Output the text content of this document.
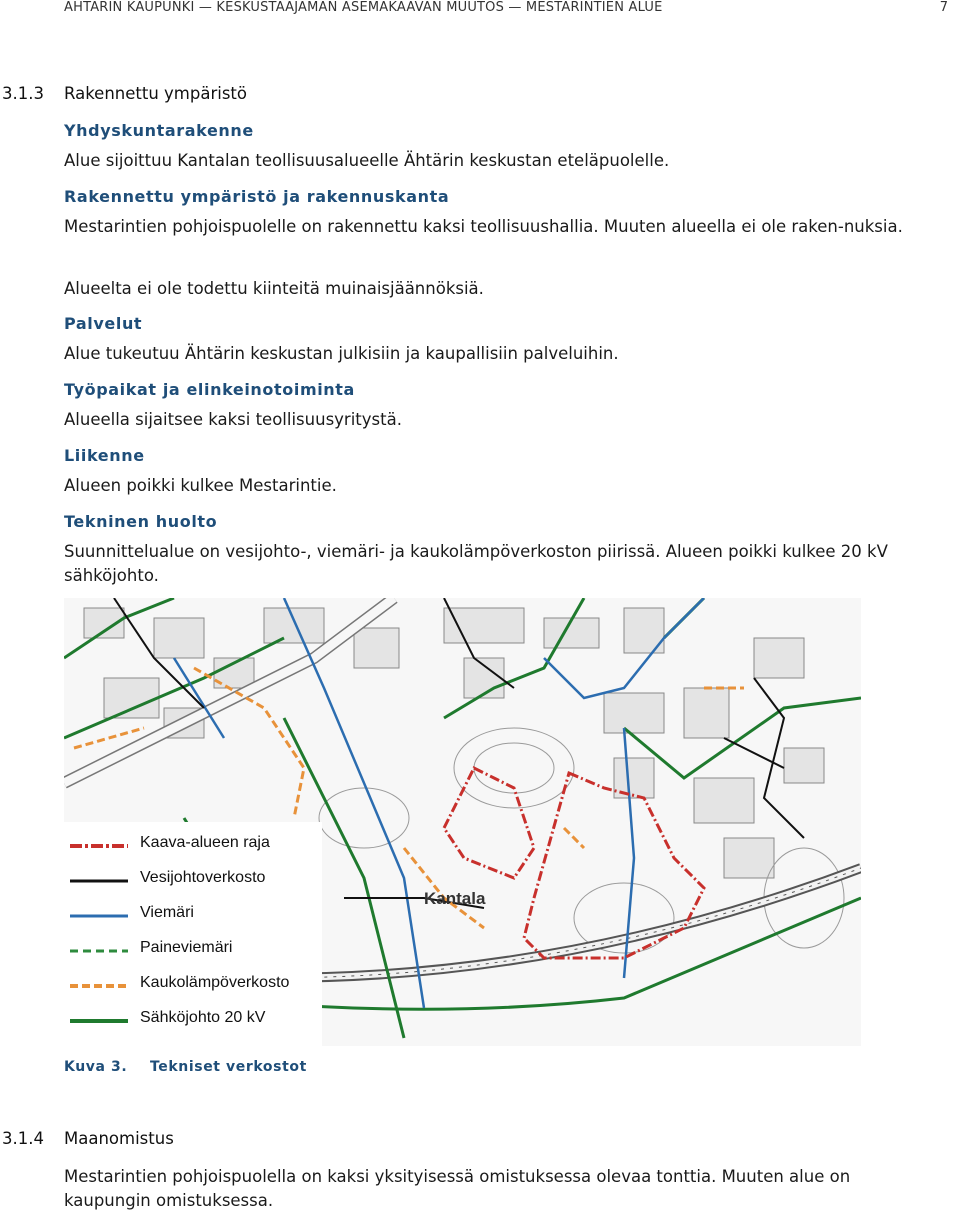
ÄHTÄRIN KAUPUNKI — KESKUSTAAJAMAN ASEMAKAAVAN MUUTOS — MESTARINTIEN ALUE	7
3.1.3 Rakennettu ympäristö
Yhdyskuntarakenne
Alue sijoittuu Kantalan teollisuusalueelle Ähtärin keskustan eteläpuolelle.
Rakennettu ympäristö ja rakennuskanta
Mestarintien pohjoispuolelle on rakennettu kaksi teollisuushallia. Muuten alueella ei ole raken-nuksia.
Alueelta ei ole todettu kiinteitä muinaisjäännöksiä.
Palvelut
Alue tukeutuu Ähtärin keskustan julkisiin ja kaupallisiin palveluihin.
Työpaikat ja elinkeinotoiminta
Alueella sijaitsee kaksi teollisuusyritystä.
Liikenne
Alueen poikki kulkee Mestarintie.
Tekninen huolto
Suunnittelualue on vesijohto-, viemäri- ja kaukolämpöverkoston piirissä. Alueen poikki kulkee 20 kV sähköjohto.
Kantala
Kaava-alueen raja
Vesijohtoverkosto
Viemäri
Paineviemäri
Kaukolämpöverkosto
Sähköjohto 20 kV
Kuva 3. Tekniset verkostot
3.1.4 Maanomistus
Mestarintien pohjoispuolella on kaksi yksityisessä omistuksessa olevaa tonttia. Muuten alue on kaupungin omistuksessa.
